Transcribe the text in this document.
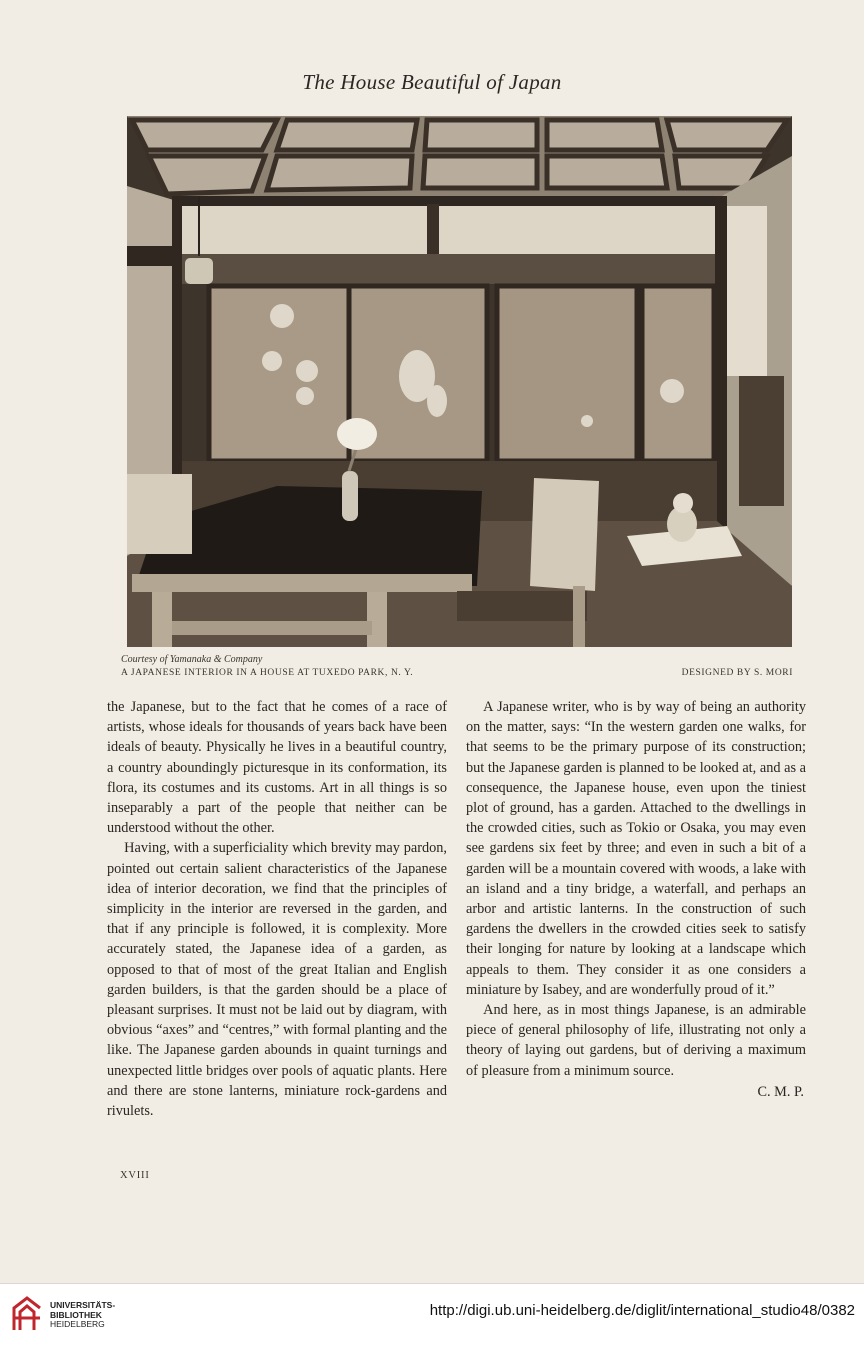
The House Beautiful of Japan
Courtesy of Yamanaka & Company
A JAPANESE INTERIOR IN A HOUSE AT TUXEDO PARK, N. Y.	DESIGNED BY S. MORI

the Japanese, but to the fact that he comes of a race of artists, whose ideals for thousands of years back have been ideals of beauty. Physically he lives in a beautiful country, a country aboundingly picturesque in its conformation, its flora, its costumes and its customs. Art in all things is so inseparably a part of the people that neither can be understood without the other.

Having, with a superficiality which brevity may pardon, pointed out certain salient characteristics of the Japanese idea of interior decoration, we find that the principles of simplicity in the interior are reversed in the garden, and that if any principle is followed, it is complexity. More accurately stated, the Japanese idea of a garden, as opposed to that of most of the great Italian and English garden builders, is that the garden should be a place of pleasant surprises. It must not be laid out by diagram, with obvious “axes” and “centres,” with formal planting and the like. The Japanese garden abounds in quaint turnings and unexpected little bridges over pools of aquatic plants. Here and there are stone lanterns, miniature rock-gardens and rivulets.

A Japanese writer, who is by way of being an authority on the matter, says: “In the western garden one walks, for that seems to be the primary purpose of its construction; but the Japanese garden is planned to be looked at, and as a consequence, the Japanese house, even upon the tiniest plot of ground, has a garden. Attached to the dwellings in the crowded cities, such as Tokio or Osaka, you may even see gardens six feet by three; and even in such a bit of a garden will be a mountain covered with woods, a lake with an island and a tiny bridge, a waterfall, and perhaps an arbor and artistic lanterns. In the construction of such gardens the dwellers in the crowded cities seek to satisfy their longing for nature by looking at a landscape which appeals to them. They consider it as one considers a miniature by Isabey, and are wonderfully proud of it.”

And here, as in most things Japanese, is an admirable piece of general philosophy of life, illustrating not only a theory of laying out gardens, but of deriving a maximum of pleasure from a minimum source.

C. M. P.

XVIII
UNIVERSITÄTS-
BIBLIOTHEK
HEIDELBERG
http://digi.ub.uni-heidelberg.de/diglit/international_studio48/0382
